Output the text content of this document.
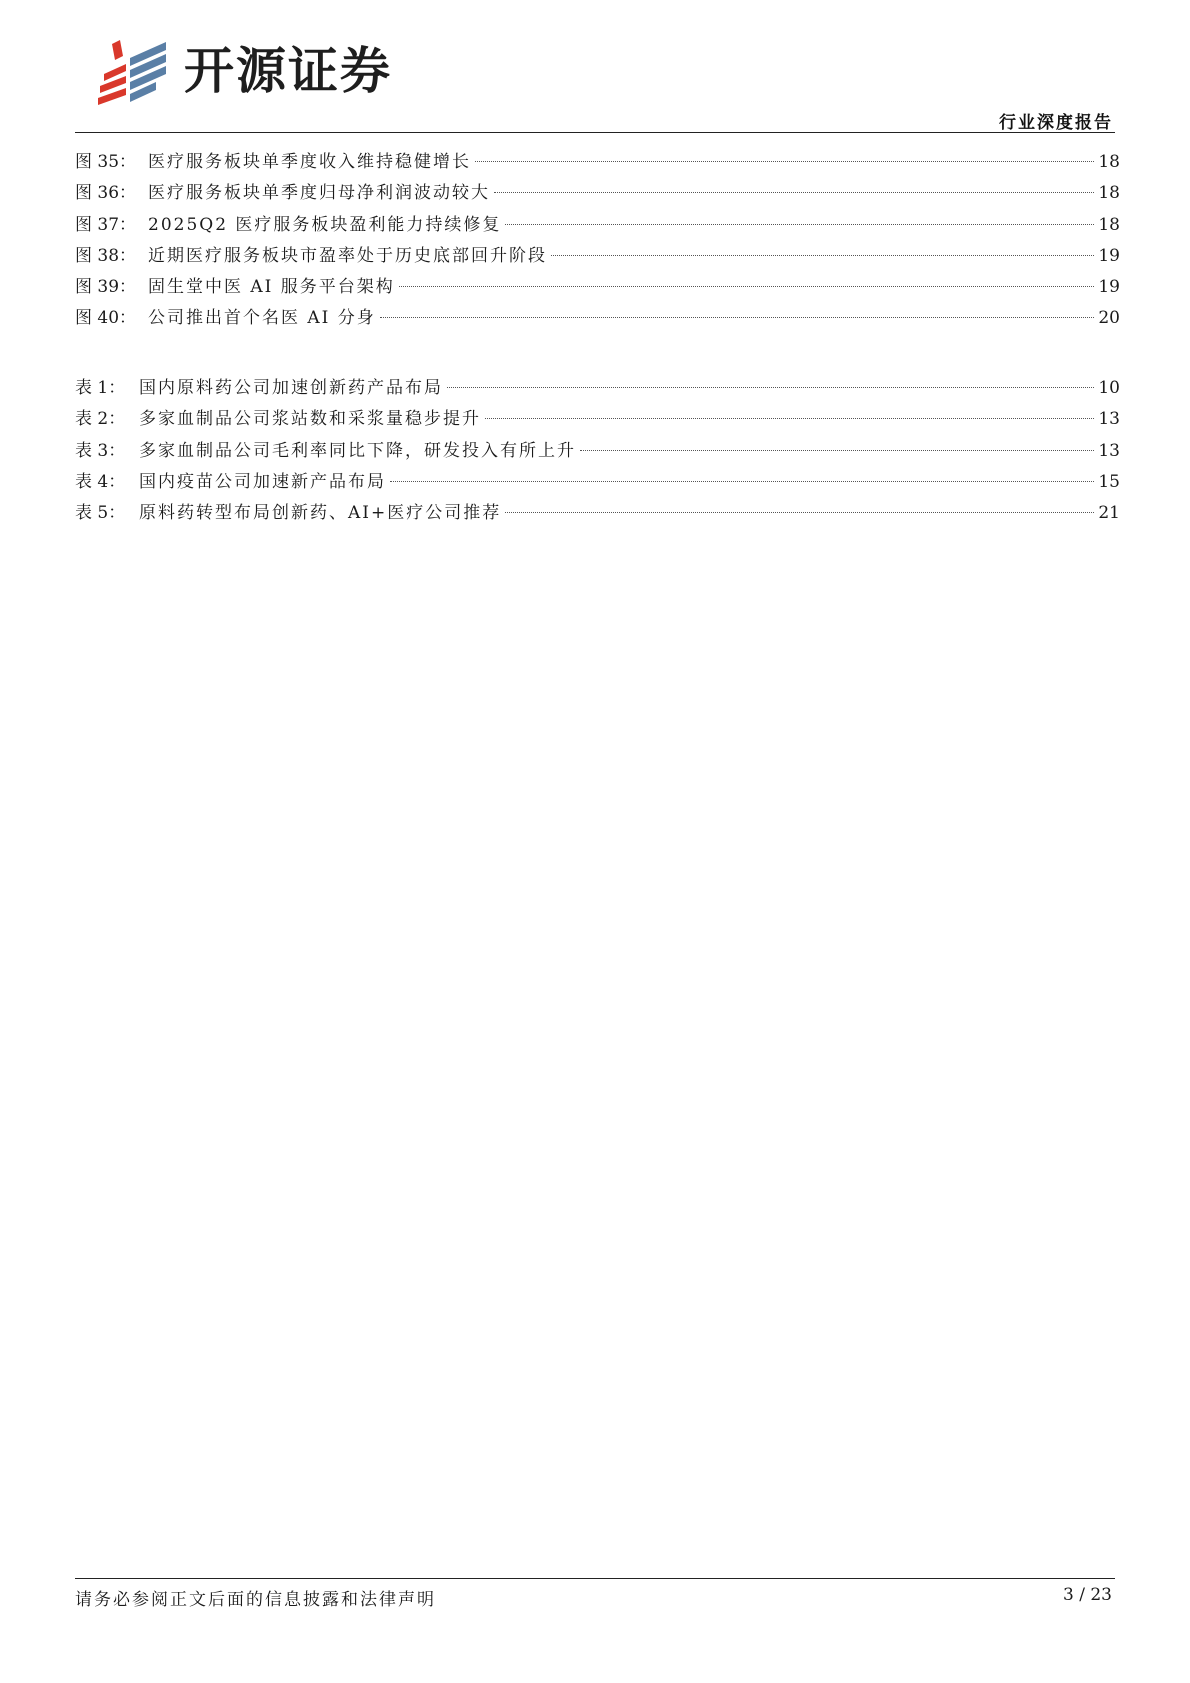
开源证券
行业深度报告
图 35： 医疗服务板块单季度收入维持稳健增长	18
图 36： 医疗服务板块单季度归母净利润波动较大	18
图 37： 2025Q2 医疗服务板块盈利能力持续修复	18
图 38： 近期医疗服务板块市盈率处于历史底部回升阶段	19
图 39： 固生堂中医 AI 服务平台架构	19
图 40： 公司推出首个名医 AI 分身	20
表 1： 国内原料药公司加速创新药产品布局	10
表 2： 多家血制品公司浆站数和采浆量稳步提升	13
表 3： 多家血制品公司毛利率同比下降，研发投入有所上升	13
表 4： 国内疫苗公司加速新产品布局	15
表 5： 原料药转型布局创新药、AI+医疗公司推荐	21
请务必参阅正文后面的信息披露和法律声明	3 / 23
